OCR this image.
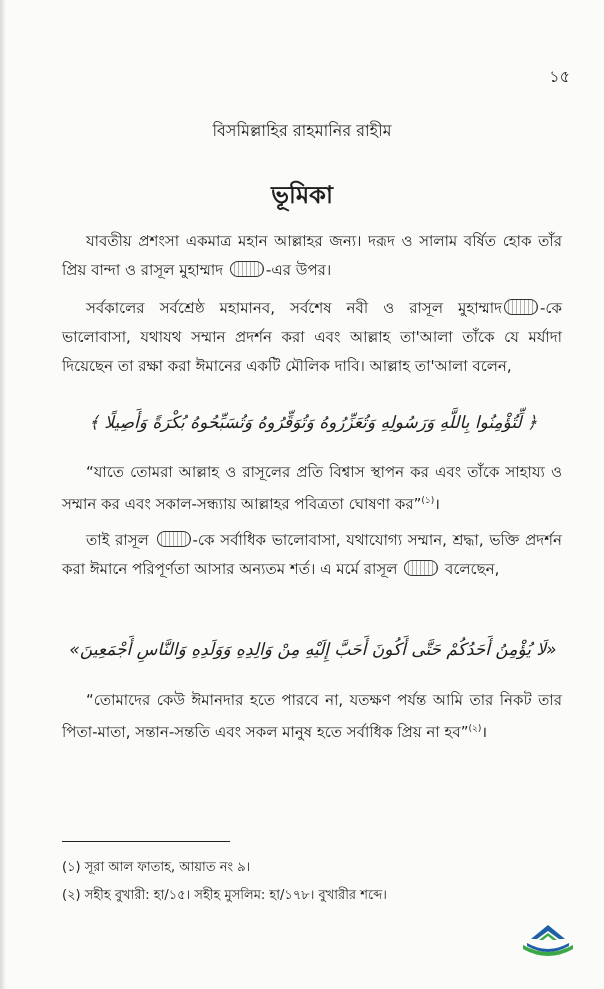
১৫
বিসমিল্লাহির রাহমানির রাহীম
ভূমিকা
যাবতীয় প্রশংসা একমাত্র মহান আল্লাহর জন্য। দরূদ ও সালাম বর্ষিত হোক তাঁর প্রিয় বান্দা ও রাসূল মুহাম্মাদ	-এর উপর।
সর্বকালের সর্বশ্রেষ্ঠ মহামানব, সর্বশেষ নবী ও রাসূল মুহাম্মাদ	-কে ভালোবাসা, যথাযথ সম্মান প্রদর্শন করা এবং আল্লাহ তা'আলা তাঁকে যে মর্যাদা দিয়েছেন তা রক্ষা করা ঈমানের একটি মৌলিক দাবি। আল্লাহ তা'আলা বলেন,
﴿ لِّتُؤْمِنُوا بِاللَّهِ وَرَسُولِهِ وَتُعَزِّرُوهُ وَتُوَقِّرُوهُ وَتُسَبِّحُوهُ بُكْرَةً وَأَصِيلًا ﴾
“যাতে তোমরা আল্লাহ ও রাসূলের প্রতি বিশ্বাস স্থাপন কর এবং তাঁকে সাহায্য ও সম্মান কর এবং সকাল-সন্ধ্যায় আল্লাহর পবিত্রতা ঘোষণা কর”$^{(১)}$।
তাই রাসূল	-কে সর্বাধিক ভালোবাসা, যথাযোগ্য সম্মান, শ্রদ্ধা, ভক্তি প্রদর্শন করা ঈমানে পরিপূর্ণতা আসার অন্যতম শর্ত। এ মর্মে রাসূল	বলেছেন,
«لَا يُؤْمِنُ أَحَدُكُمْ حَتَّى أَكُونَ أَحَبَّ إِلَيْهِ مِنْ وَالِدِهِ وَوَلَدِهِ وَالنَّاسِ أَجْمَعِينَ»
“তোমাদের কেউ ঈমানদার হতে পারবে না, যতক্ষণ পর্যন্ত আমি তার নিকট তার পিতা-মাতা, সন্তান-সন্ততি এবং সকল মানুষ হতে সর্বাধিক প্রিয় না হব”$^{(২)}$।
(১) সূরা আল ফাতাহ, আয়াত নং ৯।
(২) সহীহ বুখারী: হা/১৫। সহীহ মুসলিম: হা/১৭৮। বুখারীর শব্দে।
